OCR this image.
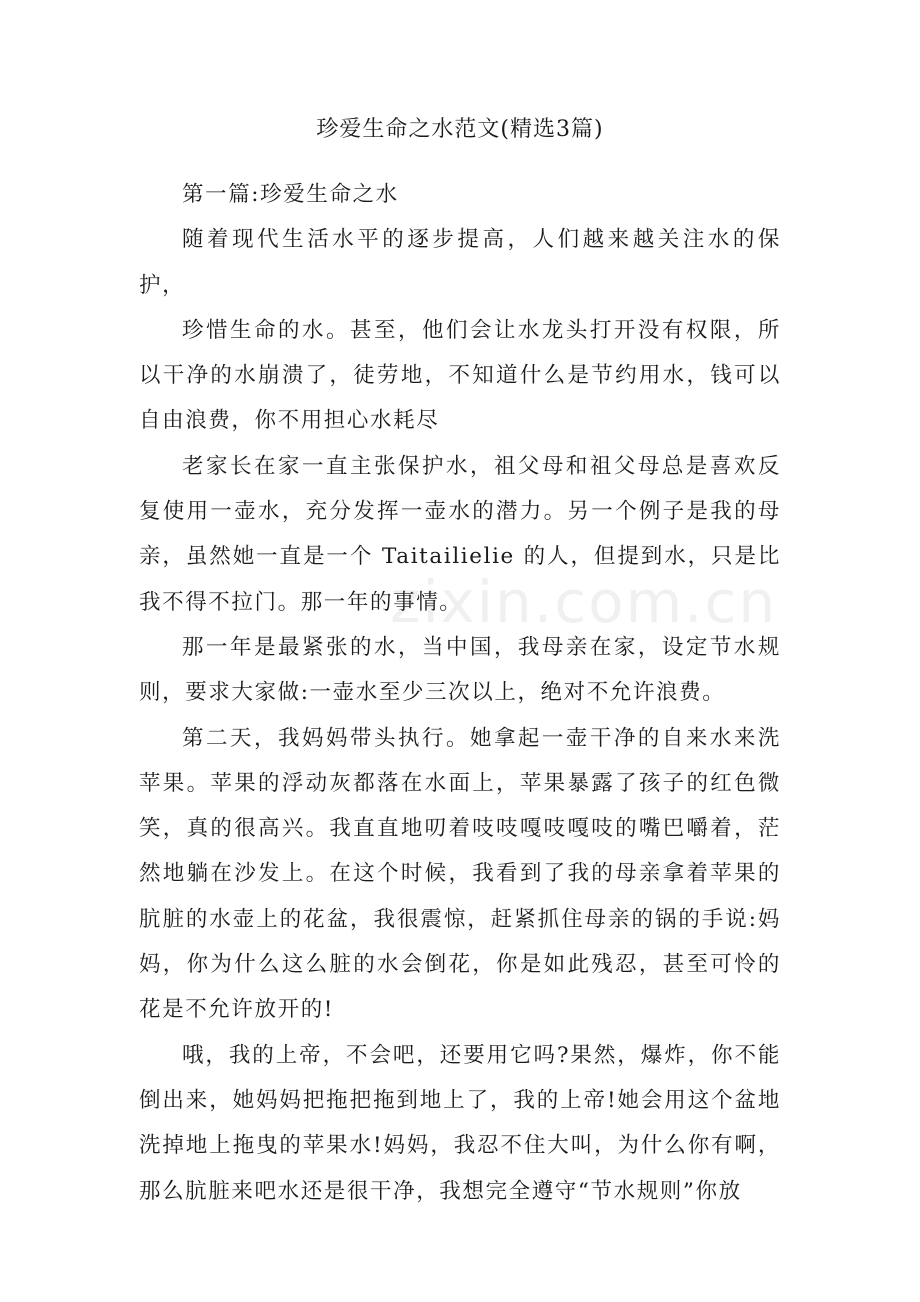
zixin.com.cn
珍爱生命之水范文(精选3篇)

第一篇:珍爱生命之水

随着现代生活水平的逐步提高，人们越来越关注水的保护，

珍惜生命的水。甚至，他们会让水龙头打开没有权限，所以干净的水崩溃了，徒劳地，不知道什么是节约用水，钱可以自由浪费，你不用担心水耗尽

老家长在家一直主张保护水，祖父母和祖父母总是喜欢反复使用一壶水，充分发挥一壶水的潜力。另一个例子是我的母亲，虽然她一直是一个 Taitailielie 的人，但提到水，只是比我不得不拉门。那一年的事情。

那一年是最紧张的水，当中国，我母亲在家，设定节水规则，要求大家做:一壶水至少三次以上，绝对不允许浪费。

第二天，我妈妈带头执行。她拿起一壶干净的自来水来洗苹果。苹果的浮动灰都落在水面上，苹果暴露了孩子的红色微笑，真的很高兴。我直直地叨着吱吱嘎吱嘎吱的嘴巴嚼着，茫然地躺在沙发上。在这个时候，我看到了我的母亲拿着苹果的肮脏的水壶上的花盆，我很震惊，赶紧抓住母亲的锅的手说:妈妈，你为什么这么脏的水会倒花，你是如此残忍，甚至可怜的花是不允许放开的!

哦，我的上帝，不会吧，还要用它吗?果然，爆炸，你不能倒出来，她妈妈把拖把拖到地上了，我的上帝!她会用这个盆地洗掉地上拖曳的苹果水!妈妈，我忍不住大叫，为什么你有啊，那么肮脏来吧水还是很干净，我想完全遵守“节水规则”你放
